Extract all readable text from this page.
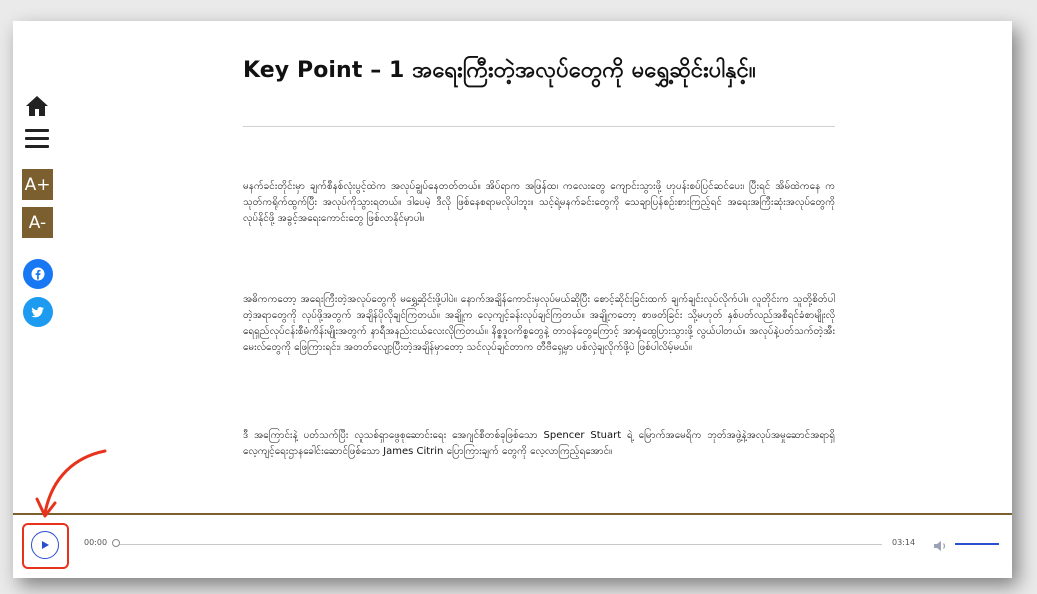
A+
A-
Key Point – 1 အရေးကြီးတဲ့အလုပ်တွေကို မရွှေ့ဆိုင်းပါနှင့်။
မနက်ခင်းတိုင်းမှာ ချက်စီနစ်လုံးပွင့်ထဲက အလုပ်ချွပ်နေတတ်တယ်။ အိပ်ရာက အဖြန်ထ၊ ကလေးတွေ ကျောင်းသွားဖို့ ဟုပန်းစပ်ပြင်ဆင်ပေး၊ ပြီးရင် အိမ်ထဲကနေ ကသုတ်ကရိုက်ထွက်ပြီး အလုပ်ကိုသွားရတယ်။ ဒါပေမဲ့ ဒီလို ဖြစ်နေစရာမလိုပါဘူး။ သင့်ရဲ့မနက်ခင်းတွေကို သေချာပြန်စဉ်းစားကြည့်ရင် အရေးအကြီးဆုံးအလုပ်တွေကို လုပ်နိုင်ဖို့ အခွင့်အရေးကောင်းတွေ ဖြစ်လာနိုင်မှာပါ။
အဓိကကတော့ အရေးကြီးတဲ့အလုပ်တွေကို မရွှေ့ဆိုင်းဖို့ပါပဲ။ နောက်အချိန်ကောင်းမှလုပ်မယ်ဆိုပြီး စောင့်ဆိုင်းခြင်းထက် ချက်ချင်းလုပ်လိုက်ပါ။ လူတိုင်းက သူတို့စိတ်ပါတဲ့အရာတွေကို လုပ်ဖို့အတွက် အချိန်ပိုလိုချင်ကြတယ်။ အချို့က လေ့ကျင့်ခန်းလုပ်ချင်ကြတယ်။ အချို့ကတော့ စာဖတ်ခြင်း သို့မဟုတ် နှစ်ပတ်လည်အစီရင်ခံစာမျိုးလို ရေရှည်လုပ်ငန်းစီမံကိန်းမျိုးအတွက် နာရီအနည်းငယ်လေးလိုကြတယ်။ နိစ္စဒူဝကိစ္စတွေနဲ့ တာဝန်တွေကြောင့် အာရုံထွေပြားသွားဖို့ လွယ်ပါတယ်။ အလုပ်နဲ့ပတ်သက်တဲ့အီးမေးလ်တွေကို ဖြေကြားရင်း၊ အတတ်လျော့ပြီးတဲ့အချိန်မှာတော့ သင်လုပ်ချင်တာက တီဗီရှေ့မှာ ပစ်လှဲချလိုက်ဖို့ပဲ ဖြစ်ပါလိမ့်မယ်။
ဒီ အကြောင်းနဲ့ ပတ်သက်ပြီး လူသစ်ရှာဖွေစုဆောင်းရေး အေဂျင်စီတစ်ခုဖြစ်သော Spencer Stuart ရဲ့ မြောက်အမေရိက ဘုတ်အဖွဲ့နဲ့အလုပ်အမှုဆောင်အရာရှိလေ့ကျင့်ရေးဌာနခေါင်းဆောင်ဖြစ်သော James Citrin ပြောကြားချက် တွေကို လေ့လာကြည့်ရအောင်။
00:00	03:14
